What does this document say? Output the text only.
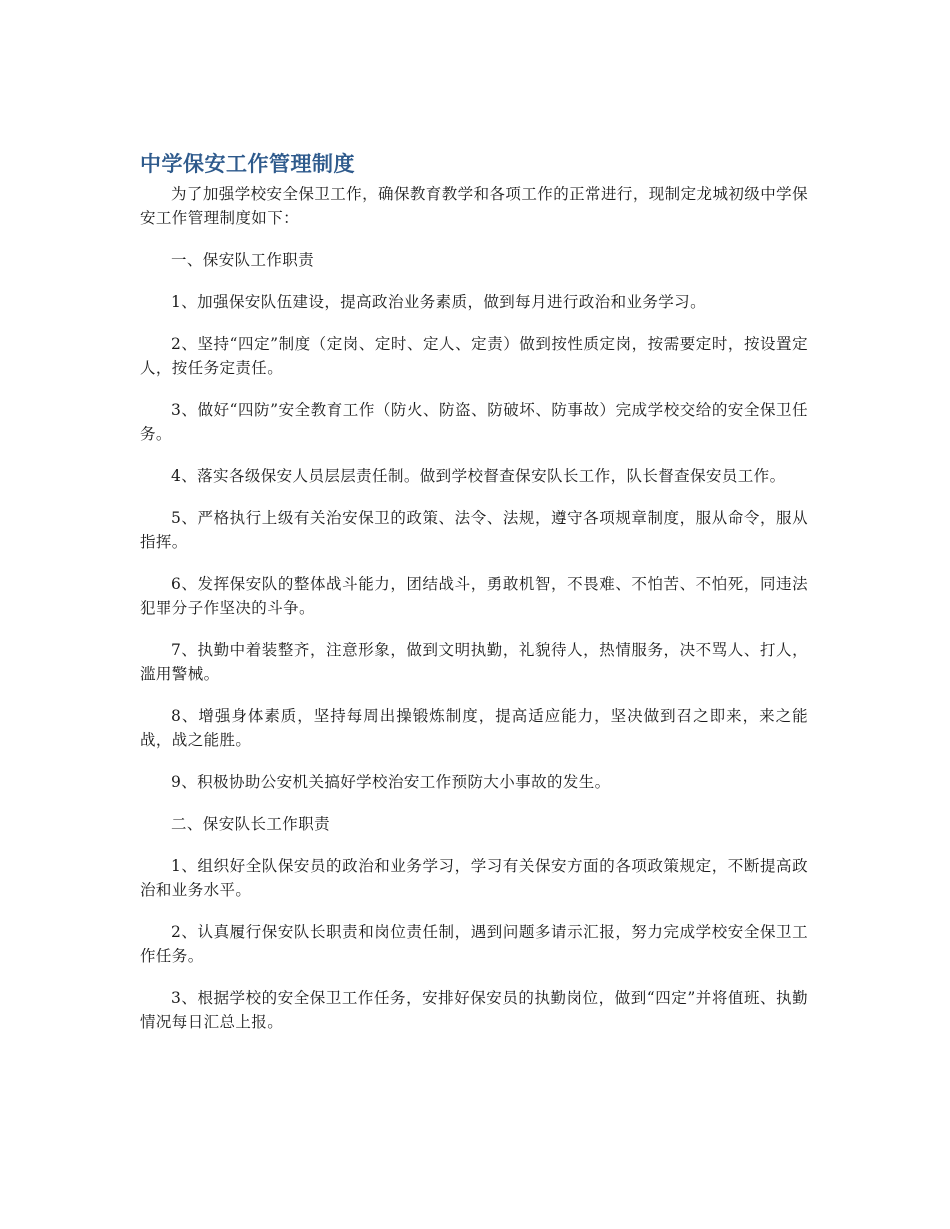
中学保安工作管理制度

为了加强学校安全保卫工作，确保教育教学和各项工作的正常进行，现制定龙城初级中学保安工作管理制度如下：

一、保安队工作职责

1、加强保安队伍建设，提高政治业务素质，做到每月进行政治和业务学习。

2、坚持“四定”制度（定岗、定时、定人、定责）做到按性质定岗，按需要定时，按设置定人，按任务定责任。

3、做好“四防”安全教育工作（防火、防盗、防破坏、防事故）完成学校交给的安全保卫任务。

4、落实各级保安人员层层责任制。做到学校督查保安队长工作，队长督查保安员工作。

5、严格执行上级有关治安保卫的政策、法令、法规，遵守各项规章制度，服从命令，服从指挥。

6、发挥保安队的整体战斗能力，团结战斗，勇敢机智，不畏难、不怕苦、不怕死，同违法犯罪分子作坚决的斗争。

7、执勤中着装整齐，注意形象，做到文明执勤，礼貌待人，热情服务，决不骂人、打人，滥用警械。

8、增强身体素质，坚持每周出操锻炼制度，提高适应能力，坚决做到召之即来，来之能战，战之能胜。

9、积极协助公安机关搞好学校治安工作预防大小事故的发生。

二、保安队长工作职责

1、组织好全队保安员的政治和业务学习，学习有关保安方面的各项政策规定，不断提高政治和业务水平。

2、认真履行保安队长职责和岗位责任制，遇到问题多请示汇报，努力完成学校安全保卫工作任务。

3、根据学校的安全保卫工作任务，安排好保安员的执勤岗位，做到“四定”并将值班、执勤情况每日汇总上报。
